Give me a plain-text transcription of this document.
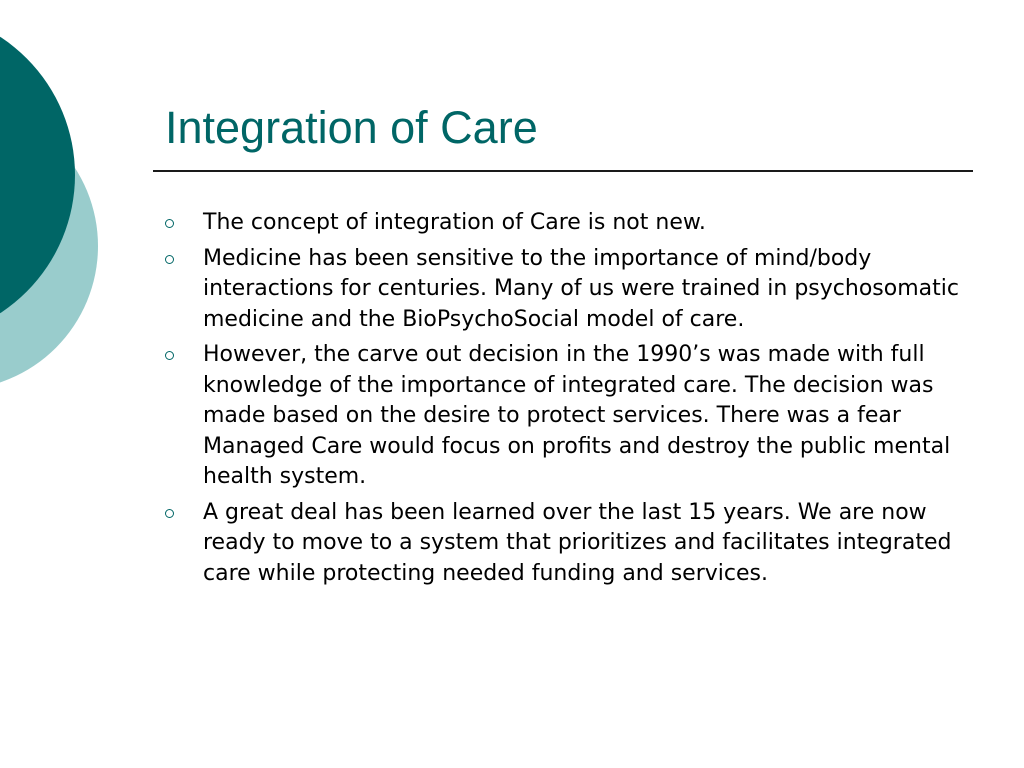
Integration of Care
The concept of integration of Care is not new.
Medicine has been sensitive to the importance of mind/body interactions for centuries. Many of us were trained in psychosomatic medicine and the BioPsychoSocial model of care.
However, the carve out decision in the 1990’s was made with full knowledge of the importance of integrated care. The decision was made based on the desire to protect services. There was a fear Managed Care would focus on profits and destroy the public mental health system.
A great deal has been learned over the last 15 years. We are now ready to move to a system that prioritizes and facilitates integrated care while protecting needed funding and services.
